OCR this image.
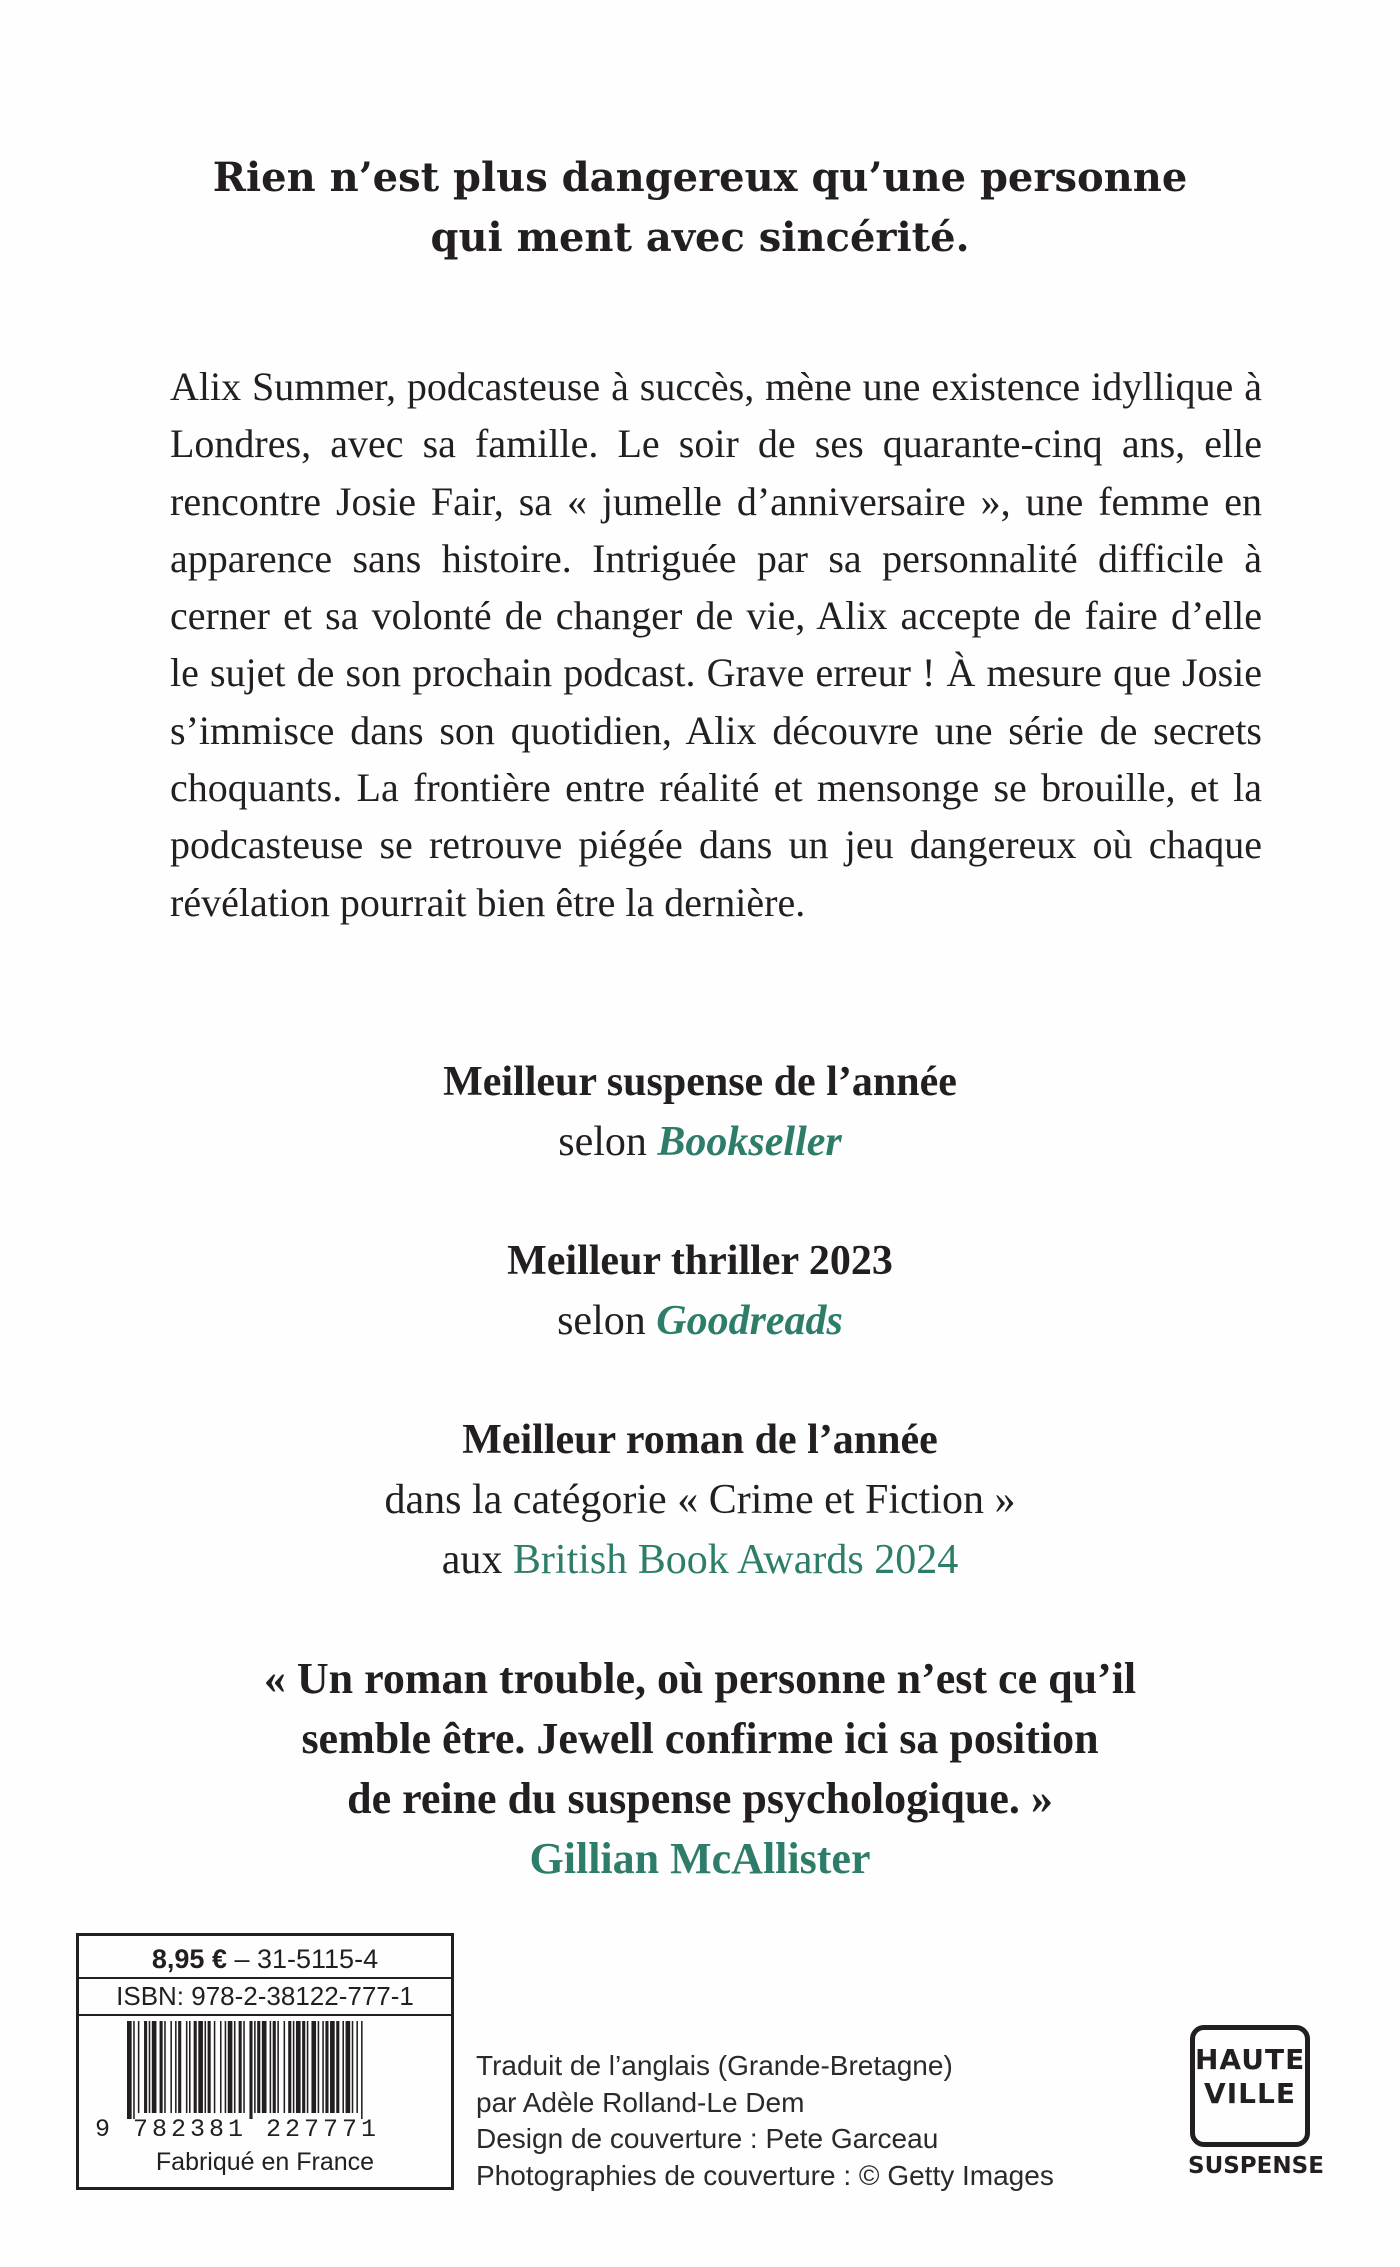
Rien n’est plus dangereux qu’une personne
qui ment avec sincérité.

Alix Summer, podcasteuse à succès, mène une existence idyllique à Londres, avec sa famille. Le soir de ses quarante-cinq ans, elle rencontre Josie Fair, sa « jumelle d’anniversaire », une femme en apparence sans histoire. Intriguée par sa personnalité difficile à cerner et sa volonté de changer de vie, Alix accepte de faire d’elle le sujet de son prochain podcast. Grave erreur ! À mesure que Josie s’immisce dans son quotidien, Alix découvre une série de secrets choquants. La frontière entre réalité et mensonge se brouille, et la podcasteuse se retrouve piégée dans un jeu dangereux où chaque révélation pourrait bien être la dernière.

Meilleur suspense de l’année
selon Bookseller
Meilleur thriller 2023
selon Goodreads
Meilleur roman de l’année
dans la catégorie « Crime et Fiction »
aux British Book Awards 2024
« Un roman trouble, où personne n’est ce qu’il
semble être. Jewell confirme ici sa position
de reine du suspense psychologique. »
Gillian McAllister
8,95 € – 31-5115-4
ISBN: 978-2-38122-777-1
9 782381 227771
Fabriqué en France
Traduit de l’anglais (Grande-Bretagne)
par Adèle Rolland-Le Dem
Design de couverture : Pete Garceau
Photographies de couverture : © Getty Images
HAUTE
VILLE
SUSPENSE
